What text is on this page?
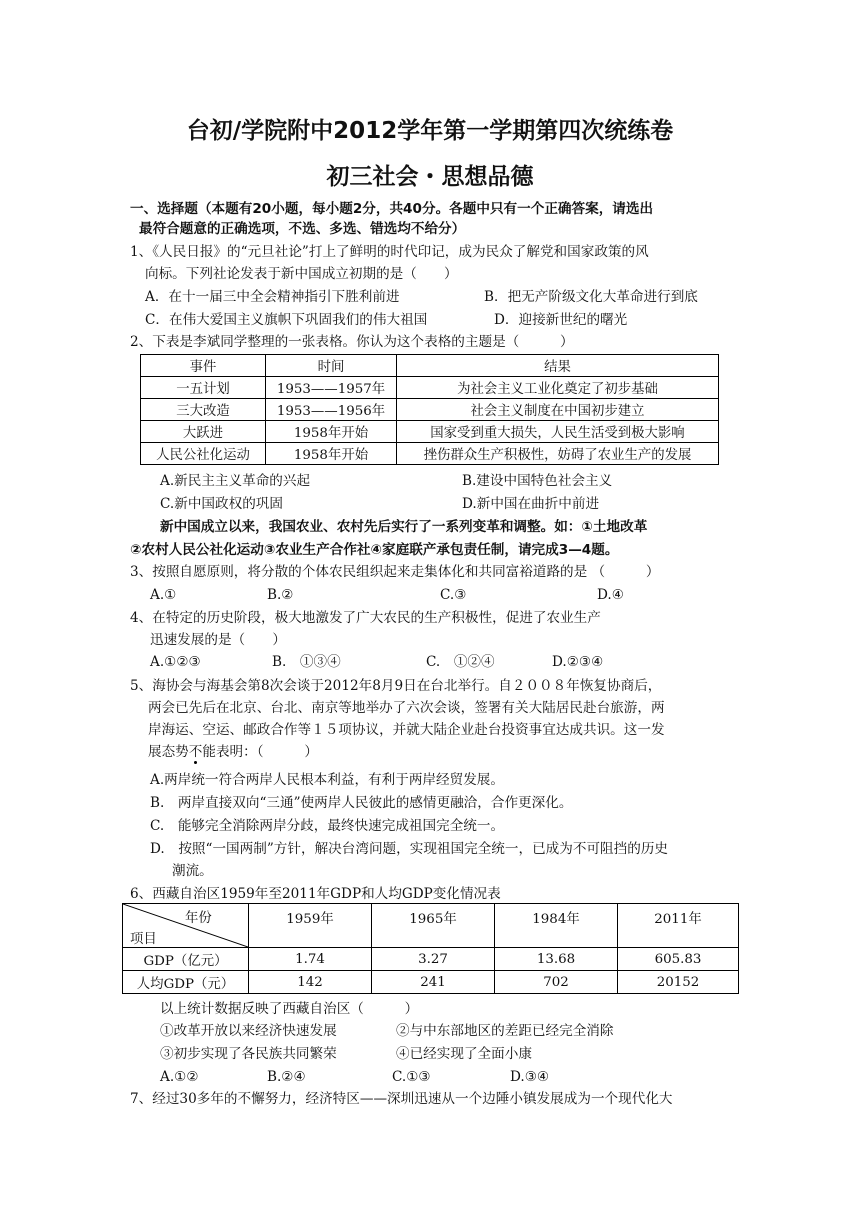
台初/学院附中2012学年第一学期第四次统练卷
初三社会・思想品德
一、选择题（本题有20小题，每小题2分，共40分。各题中只有一个正确答案，请选出
最符合题意的正确选项，不选、多选、错选均不给分）
1、《人民日报》的“元旦社论”打上了鲜明的时代印记，成为民众了解党和国家政策的风
向标。下列社论发表于新中国成立初期的是（　　）
A．在十一届三中全会精神指引下胜利前进	B．把无产阶级文化大革命进行到底
C．在伟大爱国主义旗帜下巩固我们的伟大祖国	D．迎接新世纪的曙光
2、下表是李斌同学整理的一张表格。你认为这个表格的主题是（　　　）
事件	时间	结果
一五计划	1953——1957年	为社会主义工业化奠定了初步基础
三大改造	1953——1956年	社会主义制度在中国初步建立
大跃进	1958年开始	国家受到重大损失，人民生活受到极大影响
人民公社化运动	1958年开始	挫伤群众生产积极性，妨碍了农业生产的发展
A.新民主主义革命的兴起	B.建设中国特色社会主义
C.新中国政权的巩固	D.新中国在曲折中前进
新中国成立以来，我国农业、农村先后实行了一系列变革和调整。如：①土地改革
②农村人民公社化运动③农业生产合作社④家庭联产承包责任制，请完成3—4题。
3、按照自愿原则，将分散的个体农民组织起来走集体化和共同富裕道路的是 （　　　）
A.①	B.②	C.③	D.④
4、在特定的历史阶段，极大地激发了广大农民的生产积极性，促进了农业生产
迅速发展的是（　　）
A.①②③	B.　①③④	C.　①②④	D.②③④
5、海协会与海基会第8次会谈于2012年8月9日在台北举行。自２００８年恢复协商后，
两会已先后在北京、台北、南京等地举办了六次会谈，签署有关大陆居民赴台旅游，两
岸海运、空运、邮政合作等１５项协议，并就大陆企业赴台投资事宜达成共识。这一发
展态势不能表明：（　　　）
A.两岸统一符合两岸人民根本利益，有利于两岸经贸发展。
B.　两岸直接双向“三通”使两岸人民彼此的感情更融洽，合作更深化。
C.　能够完全消除两岸分歧，最终快速完成祖国完全统一。
D.　按照“一国两制”方针，解决台湾问题，实现祖国完全统一，已成为不可阻挡的历史
潮流。
6、西藏自治区1959年至2011年GDP和人均GDP变化情况表
年份
项目	1959年	1965年	1984年	2011年
GDP（亿元）	1.74	3.27	13.68	605.83
人均GDP（元）	142	241	702	20152
以上统计数据反映了西藏自治区（　　　）
①改革开放以来经济快速发展	②与中东部地区的差距已经完全消除
③初步实现了各民族共同繁荣	④已经实现了全面小康
A.①②	B.②④	C.①③	D.③④
7、经过30多年的不懈努力，经济特区——深圳迅速从一个边陲小镇发展成为一个现代化大
